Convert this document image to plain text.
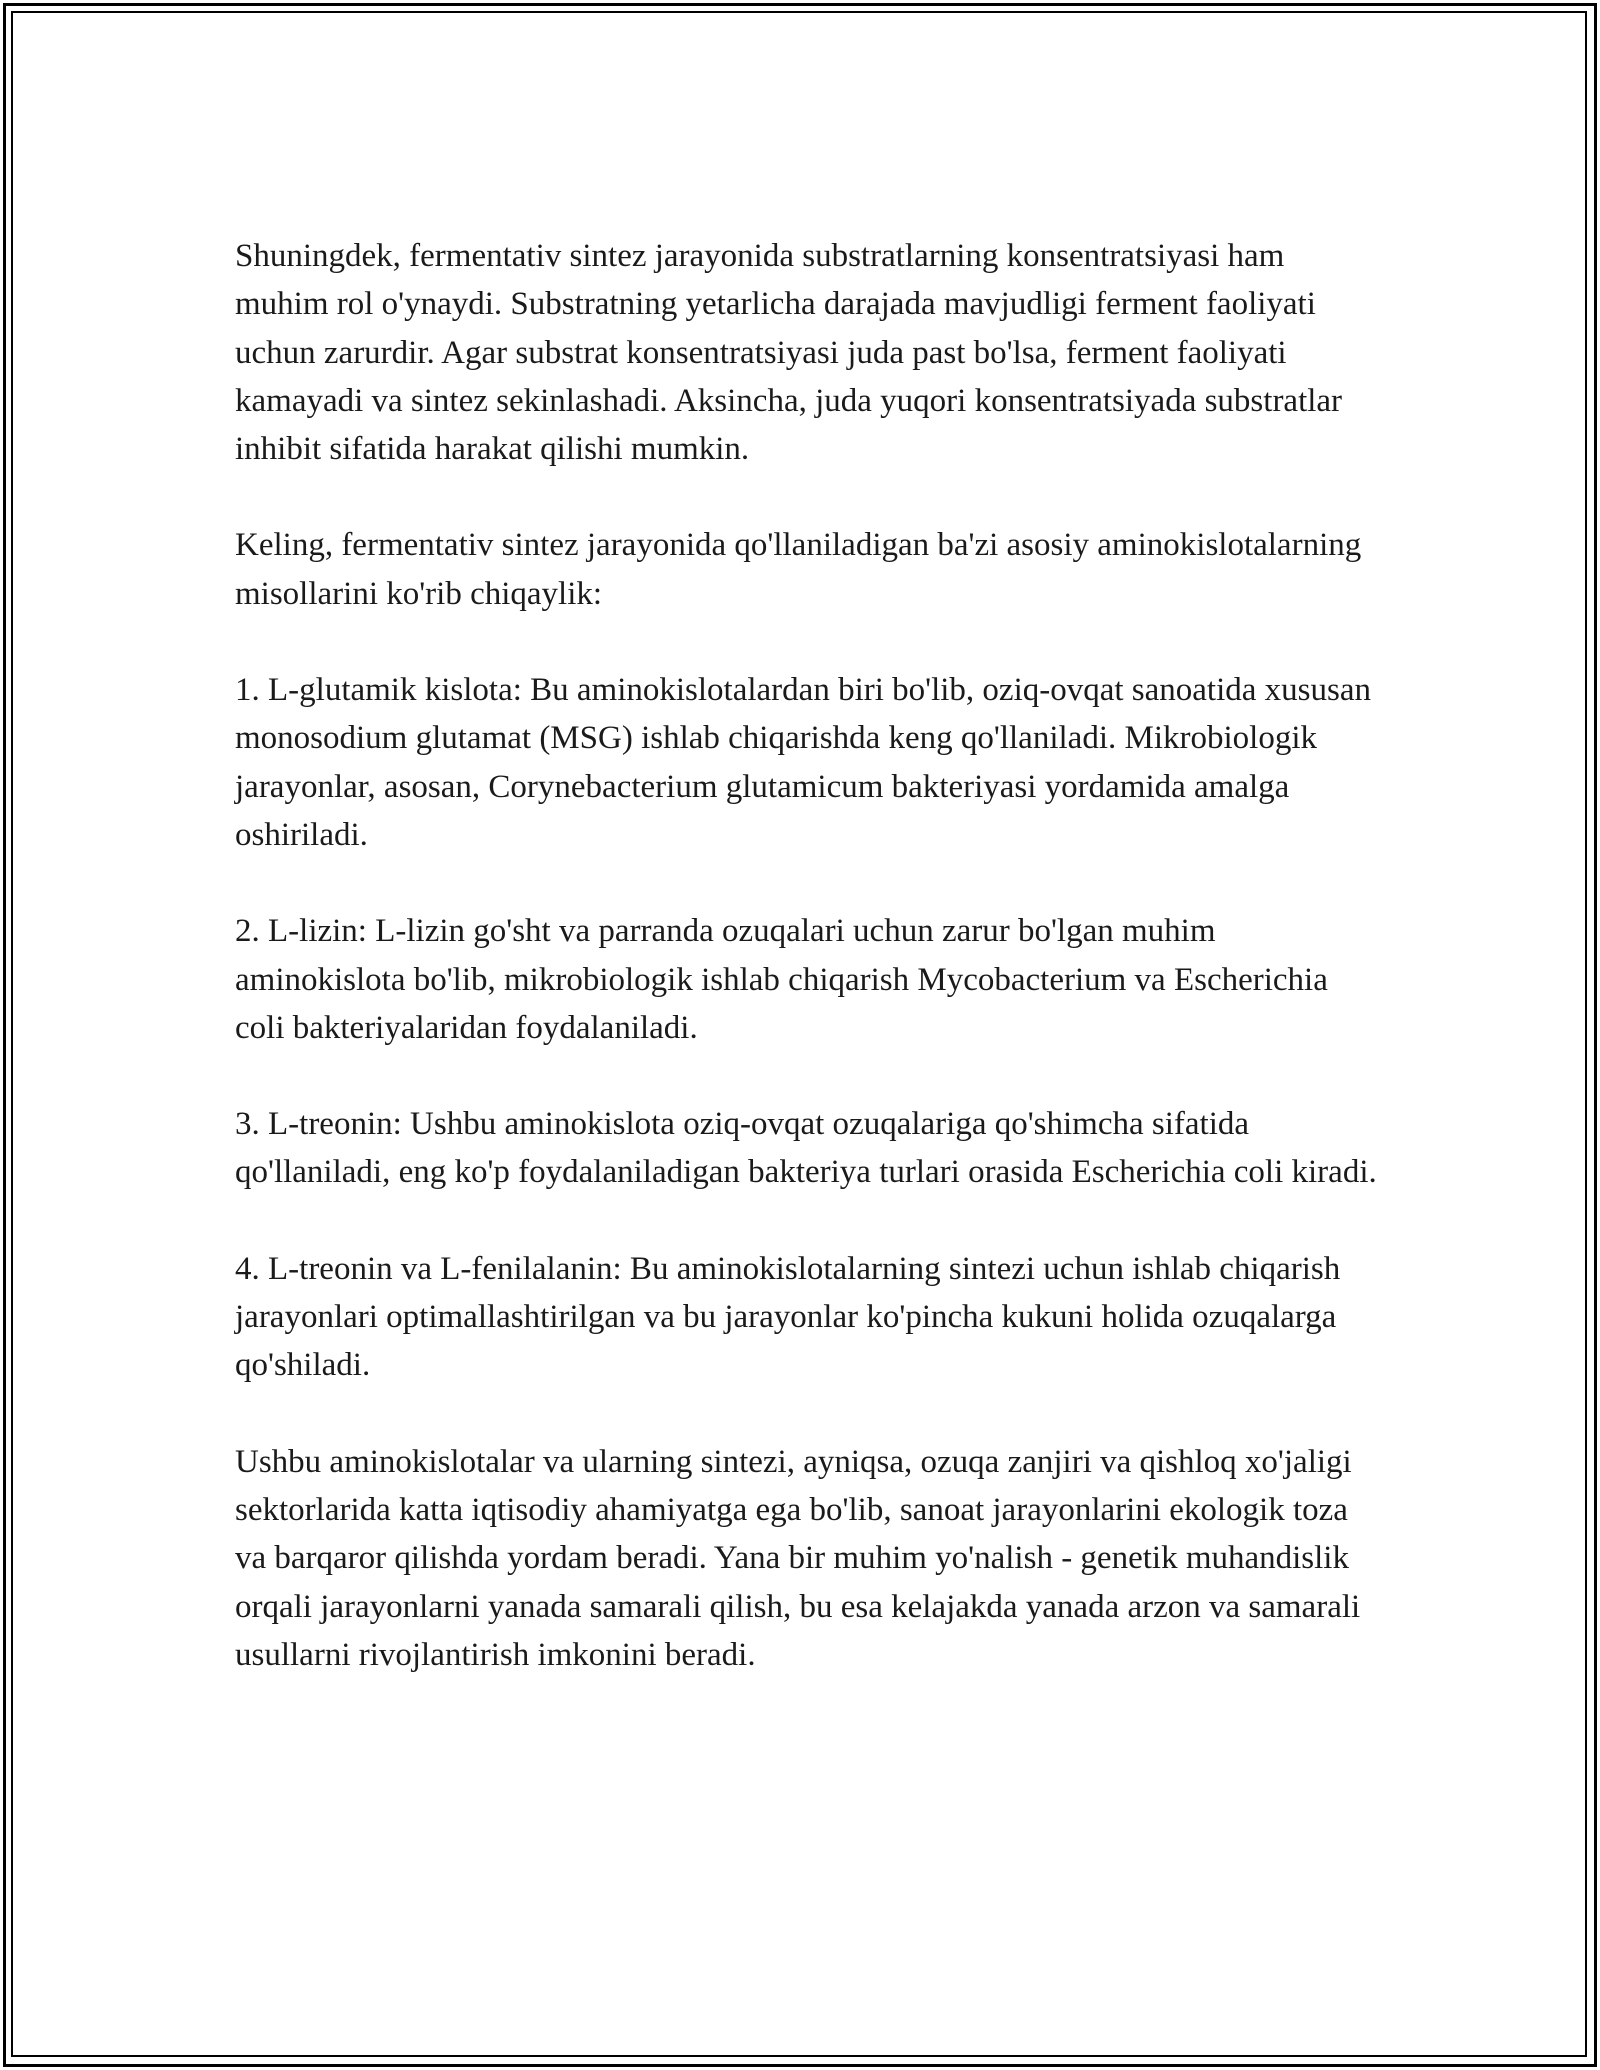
Shuningdek, fermentativ sintez jarayonida substratlarning konsentratsiyasi ham muhim rol o'ynaydi. Substratning yetarlicha darajada mavjudligi ferment faoliyati uchun zarurdir. Agar substrat konsentratsiyasi juda past bo'lsa, ferment faoliyati kamayadi va sintez sekinlashadi. Aksincha, juda yuqori konsentratsiyada substratlar inhibit sifatida harakat qilishi mumkin.

Keling, fermentativ sintez jarayonida qo'llaniladigan ba'zi asosiy aminokislotalarning misollarini ko'rib chiqaylik:

1. L-glutamik kislota: Bu aminokislotalardan biri bo'lib, oziq-ovqat sanoatida xususan monosodium glutamat (MSG) ishlab chiqarishda keng qo'llaniladi. Mikrobiologik jarayonlar, asosan, Corynebacterium glutamicum bakteriyasi yordamida amalga oshiriladi.

2. L-lizin: L-lizin go'sht va parranda ozuqalari uchun zarur bo'lgan muhim aminokislota bo'lib, mikrobiologik ishlab chiqarish Mycobacterium va Escherichia coli bakteriyalaridan foydalaniladi.

3. L-treonin: Ushbu aminokislota oziq-ovqat ozuqalariga qo'shimcha sifatida qo'llaniladi, eng ko'p foydalaniladigan bakteriya turlari orasida Escherichia coli kiradi.

4. L-treonin va L-fenilalanin: Bu aminokislotalarning sintezi uchun ishlab chiqarish jarayonlari optimallashtirilgan va bu jarayonlar ko'pincha kukuni holida ozuqalarga qo'shiladi.

Ushbu aminokislotalar va ularning sintezi, ayniqsa, ozuqa zanjiri va qishloq xo'jaligi sektorlarida katta iqtisodiy ahamiyatga ega bo'lib, sanoat jarayonlarini ekologik toza va barqaror qilishda yordam beradi. Yana bir muhim yo'nalish - genetik muhandislik orqali jarayonlarni yanada samarali qilish, bu esa kelajakda yanada arzon va samarali usullarni rivojlantirish imkonini beradi.
